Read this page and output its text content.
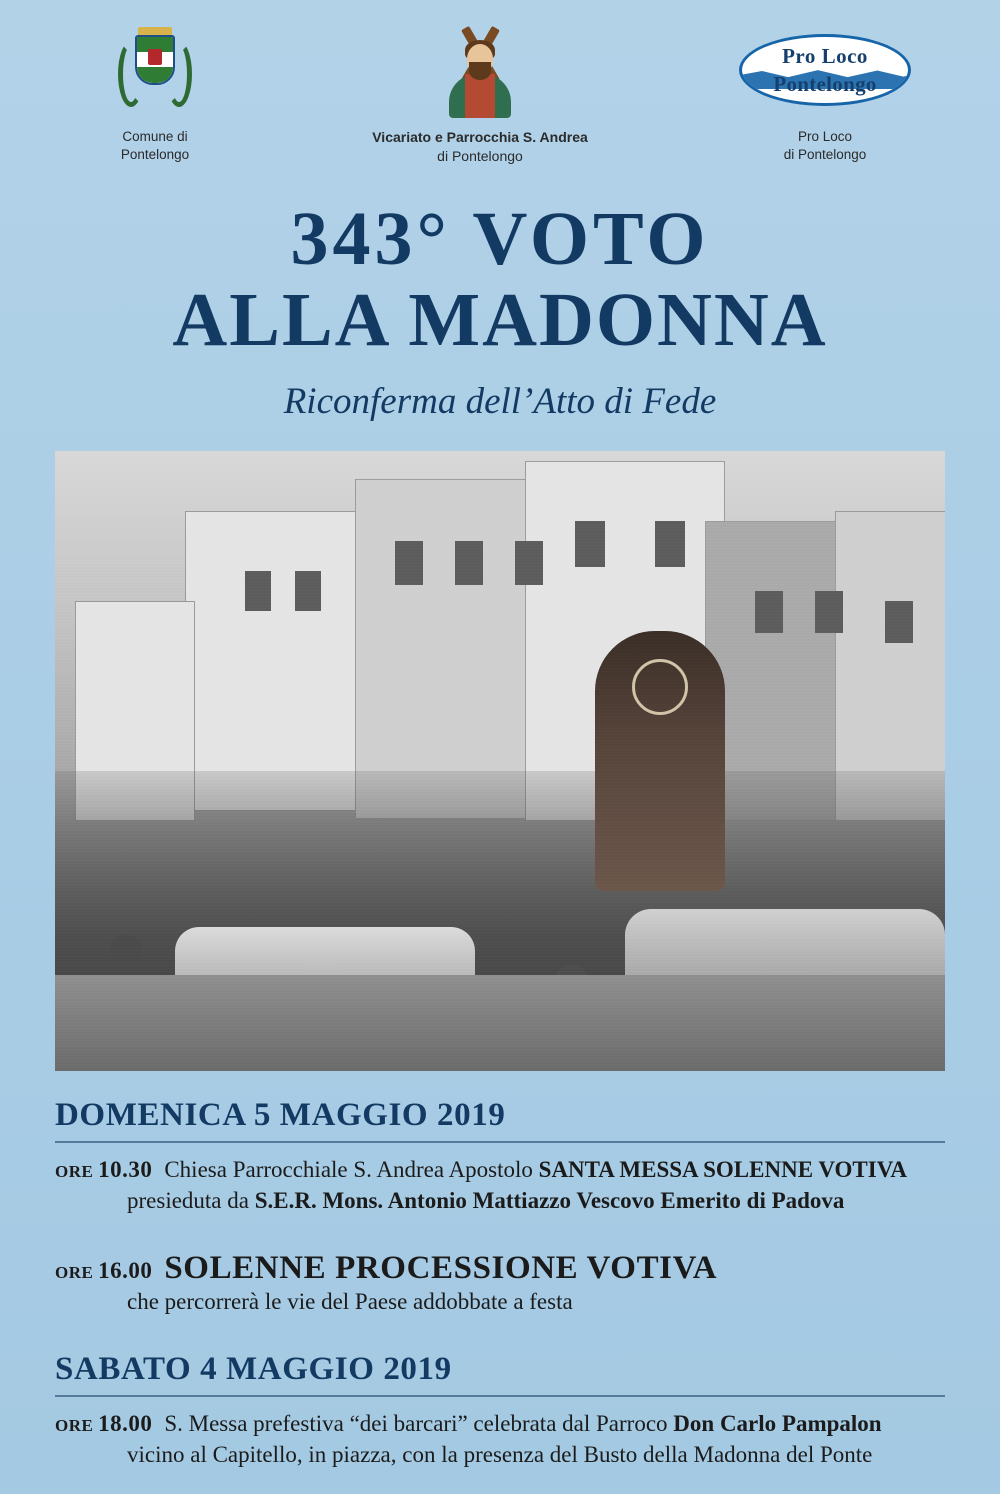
Comune di
Pontelongo
Vicariato e Parrocchia S. Andrea
di Pontelongo
Pro Loco
Pontelongo
Pro Loco
di Pontelongo
343° VOTO
ALLA MADONNA
Riconferma dell’Atto di Fede
DOMENICA 5 MAGGIO 2019
ORE 10.30 Chiesa Parrocchiale S. Andrea Apostolo SANTA MESSA SOLENNE VOTIVA
presieduta da S.E.R. Mons. Antonio Mattiazzo Vescovo Emerito di Padova
ORE 16.00 SOLENNE PROCESSIONE VOTIVA
che percorrerà le vie del Paese addobbate a festa
SABATO 4 MAGGIO 2019
ORE 18.00 S. Messa prefestiva “dei barcari” celebrata dal Parroco Don Carlo Pampalon
vicino al Capitello, in piazza, con la presenza del Busto della Madonna del Ponte
